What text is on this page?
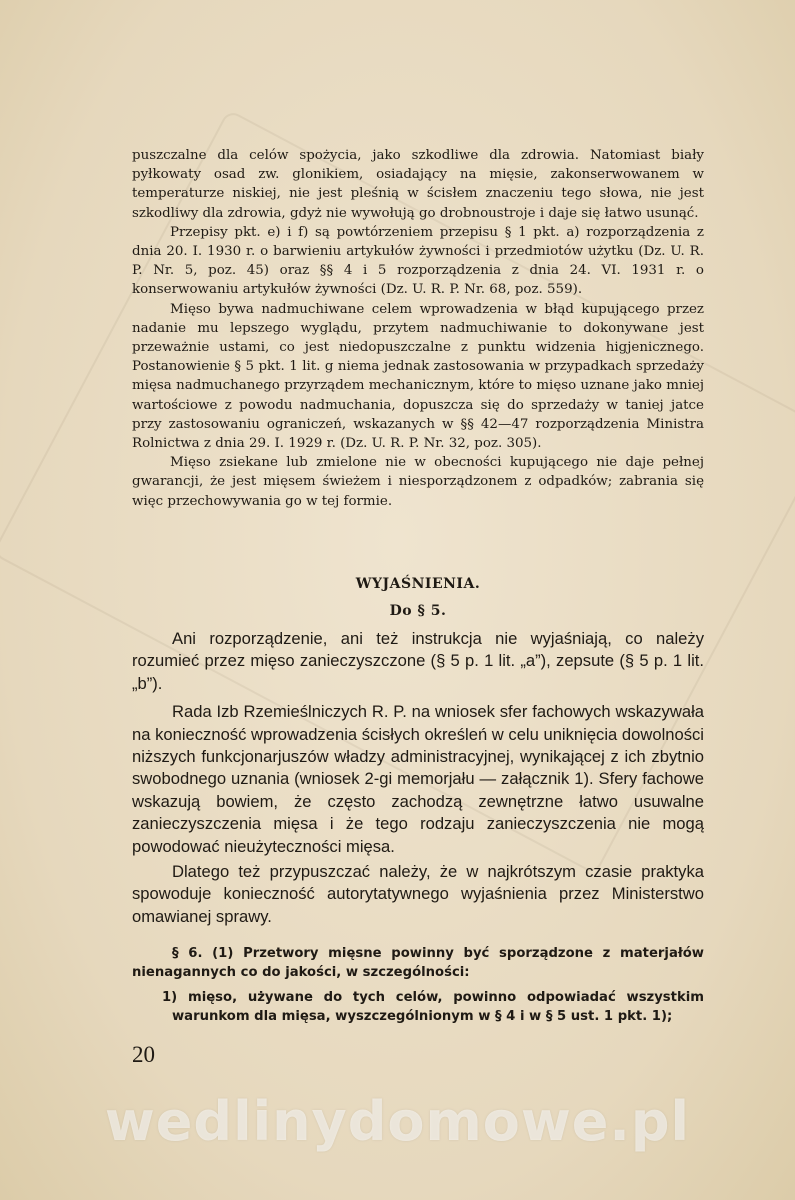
puszczalne dla celów spożycia, jako szkodliwe dla zdrowia. Natomiast biały pyłkowaty osad zw. glonikiem, osiadający na mięsie, zakonserwowanem w temperaturze niskiej, nie jest pleśnią w ścisłem znaczeniu tego słowa, nie jest szkodliwy dla zdrowia, gdyż nie wywołują go drobnoustroje i daje się łatwo usunąć.

Przepisy pkt. e) i f) są powtórzeniem przepisu § 1 pkt. a) rozporządzenia z dnia 20. I. 1930 r. o barwieniu artykułów żywności i przedmiotów użytku (Dz. U. R. P. Nr. 5, poz. 45) oraz §§ 4 i 5 rozporządzenia z dnia 24. VI. 1931 r. o konserwowaniu artykułów żywności (Dz. U. R. P. Nr. 68, poz. 559).

Mięso bywa nadmuchiwane celem wprowadzenia w błąd kupującego przez nadanie mu lepszego wyglądu, przytem nadmuchiwanie to dokonywane jest przeważnie ustami, co jest niedopuszczalne z punktu widzenia higjenicznego. Postanowienie § 5 pkt. 1 lit. g niema jednak zastosowania w przypadkach sprzedaży mięsa nadmuchanego przyrządem mechanicznym, które to mięso uznane jako mniej wartościowe z powodu nadmuchania, dopuszcza się do sprzedaży w taniej jatce przy zastosowaniu ograniczeń, wskazanych w §§ 42—47 rozporządzenia Ministra Rolnictwa z dnia 29. I. 1929 r. (Dz. U. R. P. Nr. 32, poz. 305).

Mięso zsiekane lub zmielone nie w obecności kupującego nie daje pełnej gwarancji, że jest mięsem świeżem i niesporządzonem z odpadków; zabrania się więc przechowywania go w tej formie.

WYJAŚNIENIA.

Do § 5.

Ani rozporządzenie, ani też instrukcja nie wyjaśniają, co należy rozumieć przez mięso zanieczyszczone (§ 5 p. 1 lit. „a”), zepsute (§ 5 p. 1 lit. „b”).

Rada Izb Rzemieślniczych R. P. na wniosek sfer fachowych wskazywała na konieczność wprowadzenia ścisłych określeń w celu uniknięcia dowolności niższych funkcjonarjuszów władzy administracyjnej, wynikającej z ich zbytnio swobodnego uznania (wniosek 2-gi memorjału — załącznik 1). Sfery fachowe wskazują bowiem, że często zachodzą zewnętrzne łatwo usuwalne zanieczyszczenia mięsa i że tego rodzaju zanieczyszczenia nie mogą powodować nieużyteczności mięsa.

Dlatego też przypuszczać należy, że w najkrótszym czasie praktyka spowoduje konieczność autorytatywnego wyjaśnienia przez Ministerstwo omawianej sprawy.

§ 6. (1) Przetwory mięsne powinny być sporządzone z materjałów nienagannych co do jakości, w szczególności:

1) mięso, używane do tych celów, powinno odpowiadać wszystkim warunkom dla mięsa, wyszczególnionym w § 4 i w § 5 ust. 1 pkt. 1);

20
wedlinydomowe.pl
